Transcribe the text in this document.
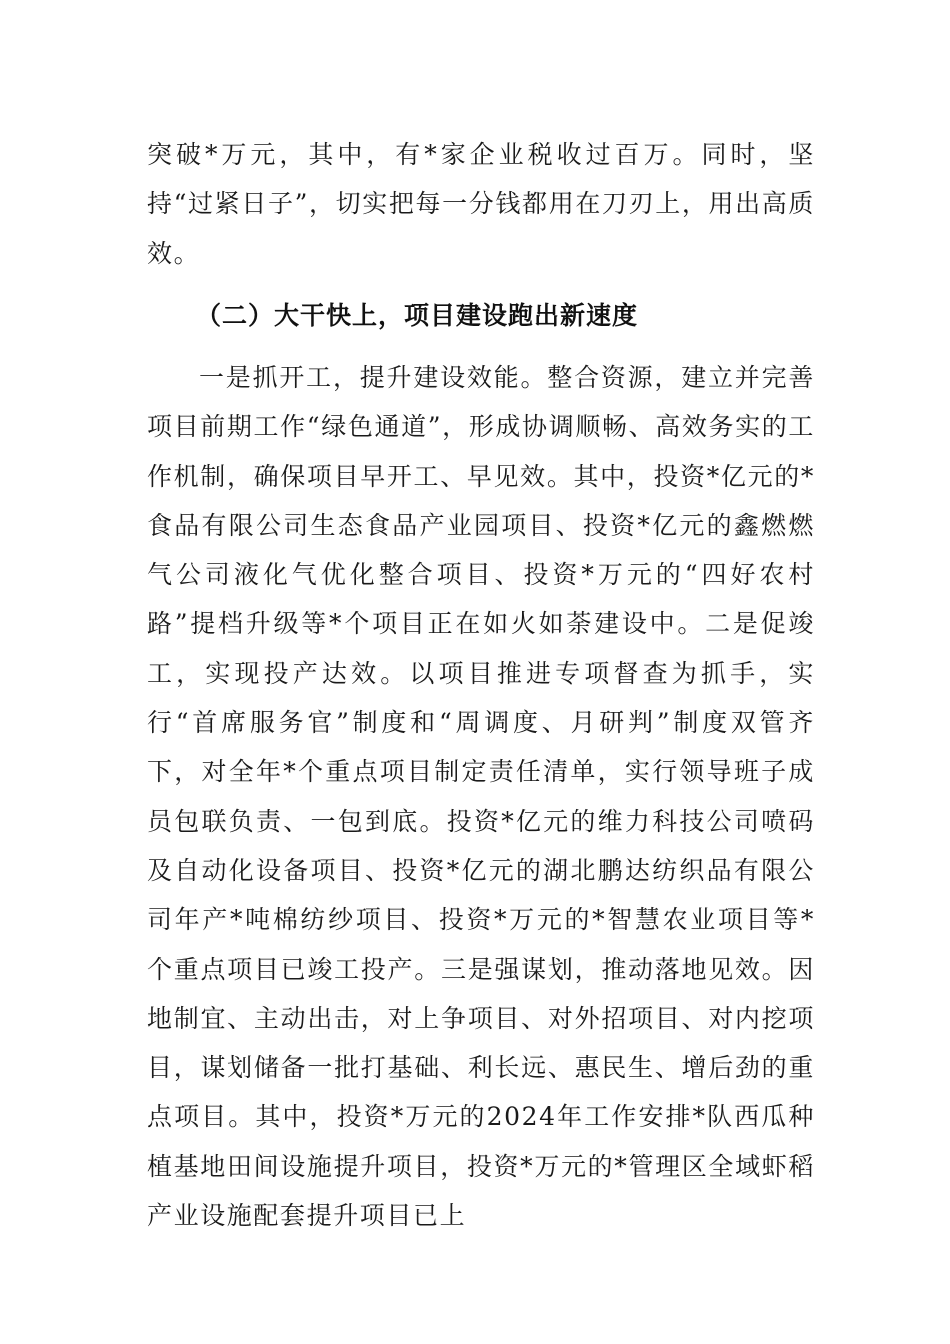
突破*万元，其中，有*家企业税收过百万。同时，坚持“过紧日子”，切实把每一分钱都用在刀刃上，用出高质效。
（二）大干快上，项目建设跑出新速度
一是抓开工，提升建设效能。整合资源，建立并完善项目前期工作“绿色通道”，形成协调顺畅、高效务实的工作机制，确保项目早开工、早见效。其中，投资*亿元的*食品有限公司生态食品产业园项目、投资*亿元的鑫燃燃气公司液化气优化整合项目、投资*万元的“四好农村路”提档升级等*个项目正在如火如荼建设中。二是促竣工，实现投产达效。以项目推进专项督查为抓手，实行“首席服务官”制度和“周调度、月研判”制度双管齐下，对全年*个重点项目制定责任清单，实行领导班子成员包联负责、一包到底。投资*亿元的维力科技公司喷码及自动化设备项目、投资*亿元的湖北鹏达纺织品有限公司年产*吨棉纺纱项目、投资*万元的*智慧农业项目等*个重点项目已竣工投产。三是强谋划，推动落地见效。因地制宜、主动出击，对上争项目、对外招项目、对内挖项目，谋划储备一批打基础、利长远、惠民生、增后劲的重点项目。其中，投资*万元的2024年工作安排*队西瓜种植基地田间设施提升项目，投资*万元的*管理区全域虾稻产业设施配套提升项目已上
